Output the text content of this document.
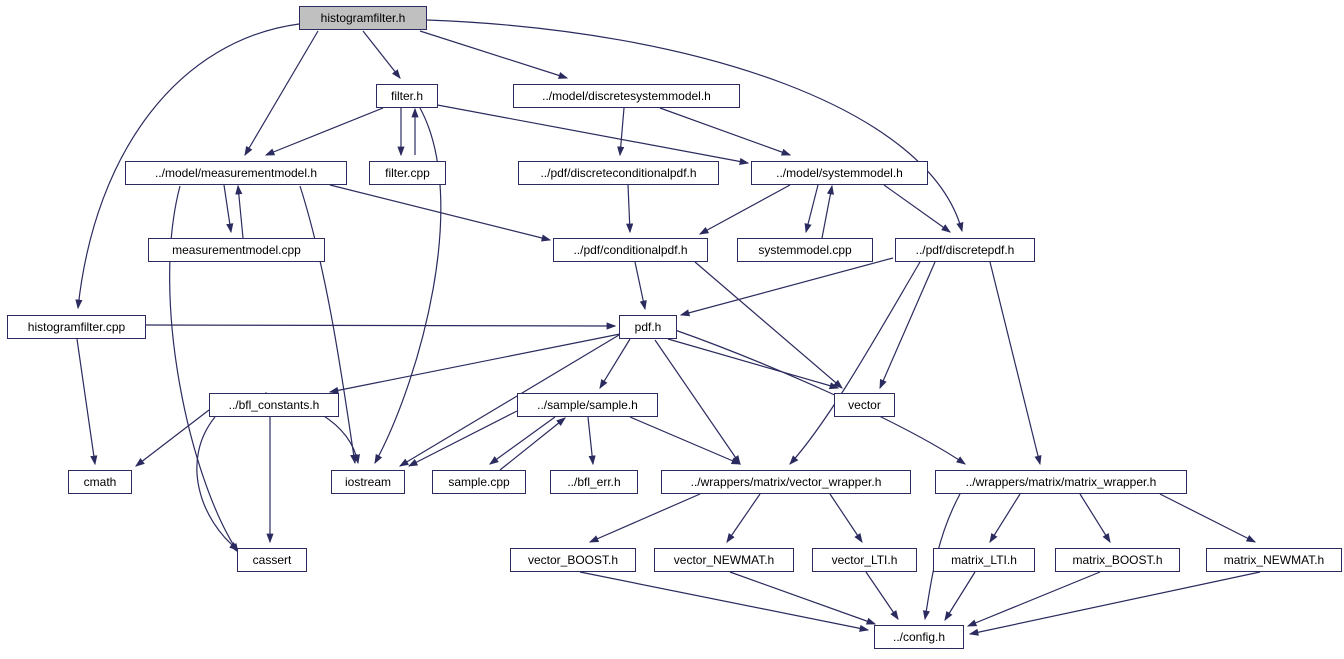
histogramfilter.h
filter.h	../model/discretesystemmodel.h
../model/measurementmodel.h	filter.cpp	../pdf/discreteconditionalpdf.h	../model/systemmodel.h
measurementmodel.cpp	../pdf/conditionalpdf.h	systemmodel.cpp	../pdf/discretepdf.h
histogramfilter.cpp	pdf.h
../bfl_constants.h	../sample/sample.h	vector
cmath	iostream	sample.cpp	../bfl_err.h	../wrappers/matrix/vector_wrapper.h	../wrappers/matrix/matrix_wrapper.h
cassert	vector_BOOST.h	vector_NEWMAT.h	vector_LTI.h	matrix_LTI.h	matrix_BOOST.h	matrix_NEWMAT.h
../config.h
